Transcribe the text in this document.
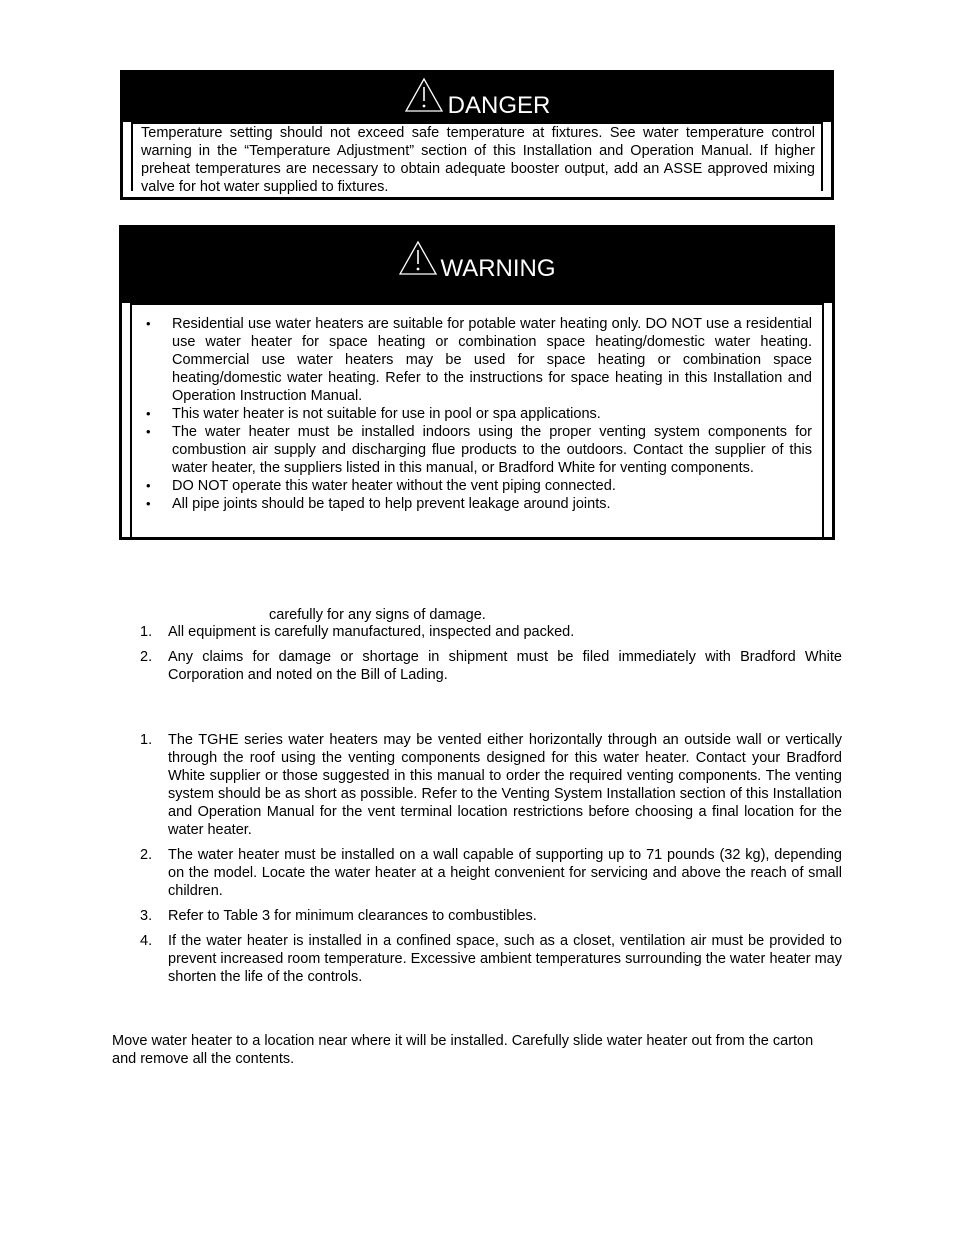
DANGER

Temperature setting should not exceed safe temperature at fixtures. See water temperature control warning in the “Temperature Adjustment” section of this Installation and Operation Manual. If higher preheat temperatures are necessary to obtain adequate booster output, add an ASSE approved mixing valve for hot water supplied to fixtures.

WARNING
• Residential use water heaters are suitable for potable water heating only. DO NOT use a residential use water heater for space heating or combination space heating/domestic water heating. Commercial use water heaters may be used for space heating or combination space heating/domestic water heating. Refer to the instructions for space heating in this Installation and Operation Instruction Manual.
• This water heater is not suitable for use in pool or spa applications.
• The water heater must be installed indoors using the proper venting system components for combustion air supply and discharging flue products to the outdoors. Contact the supplier of this water heater, the suppliers listed in this manual, or Bradford White for venting components.
• DO NOT operate this water heater without the vent piping connected.
• All pipe joints should be taped to help prevent leakage around joints.
carefully for any signs of damage.
1. All equipment is carefully manufactured, inspected and packed.
2. Any claims for damage or shortage in shipment must be filed immediately with Bradford White Corporation and noted on the Bill of Lading.
1. The TGHE series water heaters may be vented either horizontally through an outside wall or vertically through the roof using the venting components designed for this water heater. Contact your Bradford White supplier or those suggested in this manual to order the required venting components. The venting system should be as short as possible. Refer to the Venting System Installation section of this Installation and Operation Manual for the vent terminal location restrictions before choosing a final location for the water heater.
2. The water heater must be installed on a wall capable of supporting up to 71 pounds (32 kg), depending on the model. Locate the water heater at a height convenient for servicing and above the reach of small children.
3. Refer to Table 3 for minimum clearances to combustibles.
4. If the water heater is installed in a confined space, such as a closet, ventilation air must be provided to prevent increased room temperature. Excessive ambient temperatures surrounding the water heater may shorten the life of the controls.
Move water heater to a location near where it will be installed. Carefully slide water heater out from the carton and remove all the contents.
